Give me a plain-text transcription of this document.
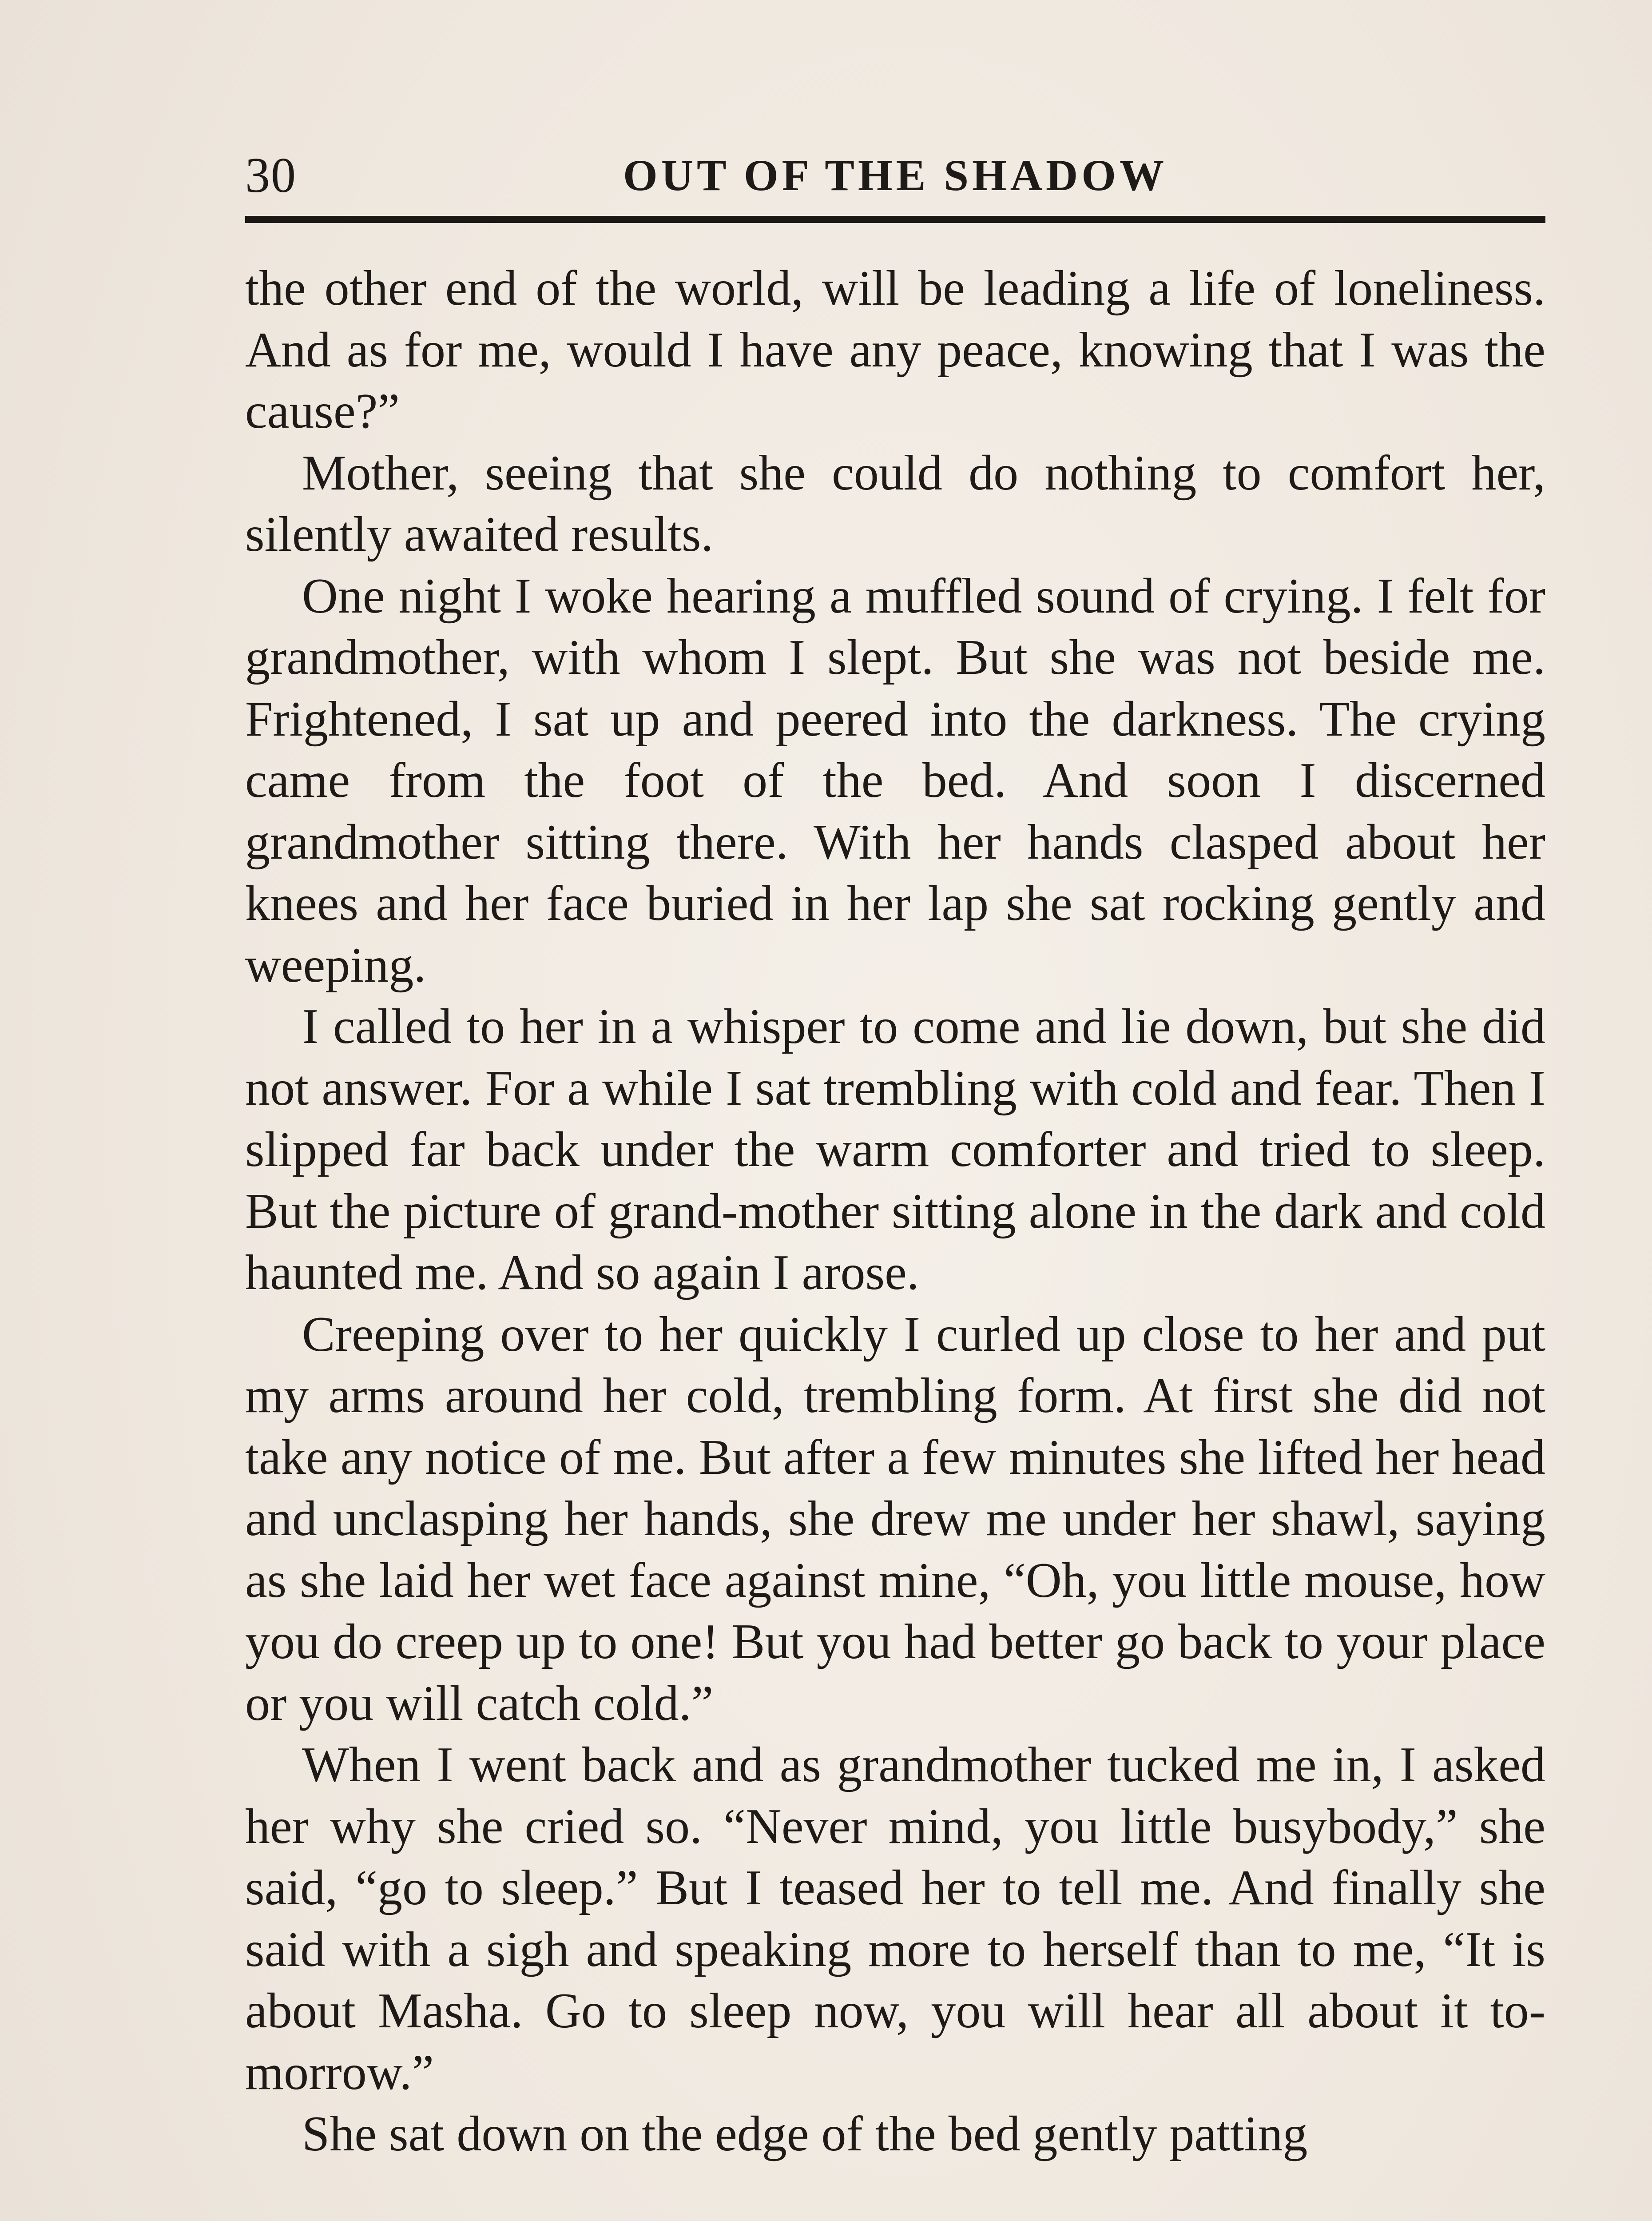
30	OUT OF THE SHADOW

the other end of the world, will be leading a life of loneliness. And as for me, would I have any peace, knowing that I was the cause?”

Mother, seeing that she could do nothing to comfort her, silently awaited results.

One night I woke hearing a muffled sound of crying. I felt for grandmother, with whom I slept. But she was not beside me. Frightened, I sat up and peered into the darkness. The crying came from the foot of the bed. And soon I discerned grandmother sitting there. With her hands clasped about her knees and her face buried in her lap she sat rocking gently and weeping.

I called to her in a whisper to come and lie down, but she did not answer. For a while I sat trembling with cold and fear. Then I slipped far back under the warm comforter and tried to sleep. But the picture of grand-mother sitting alone in the dark and cold haunted me. And so again I arose.

Creeping over to her quickly I curled up close to her and put my arms around her cold, trembling form. At first she did not take any notice of me. But after a few minutes she lifted her head and unclasping her hands, she drew me under her shawl, saying as she laid her wet face against mine, “Oh, you little mouse, how you do creep up to one! But you had better go back to your place or you will catch cold.”

When I went back and as grandmother tucked me in, I asked her why she cried so. “Never mind, you little busybody,” she said, “go to sleep.” But I teased her to tell me. And finally she said with a sigh and speaking more to herself than to me, “It is about Masha. Go to sleep now, you will hear all about it to-morrow.”

She sat down on the edge of the bed gently patting
